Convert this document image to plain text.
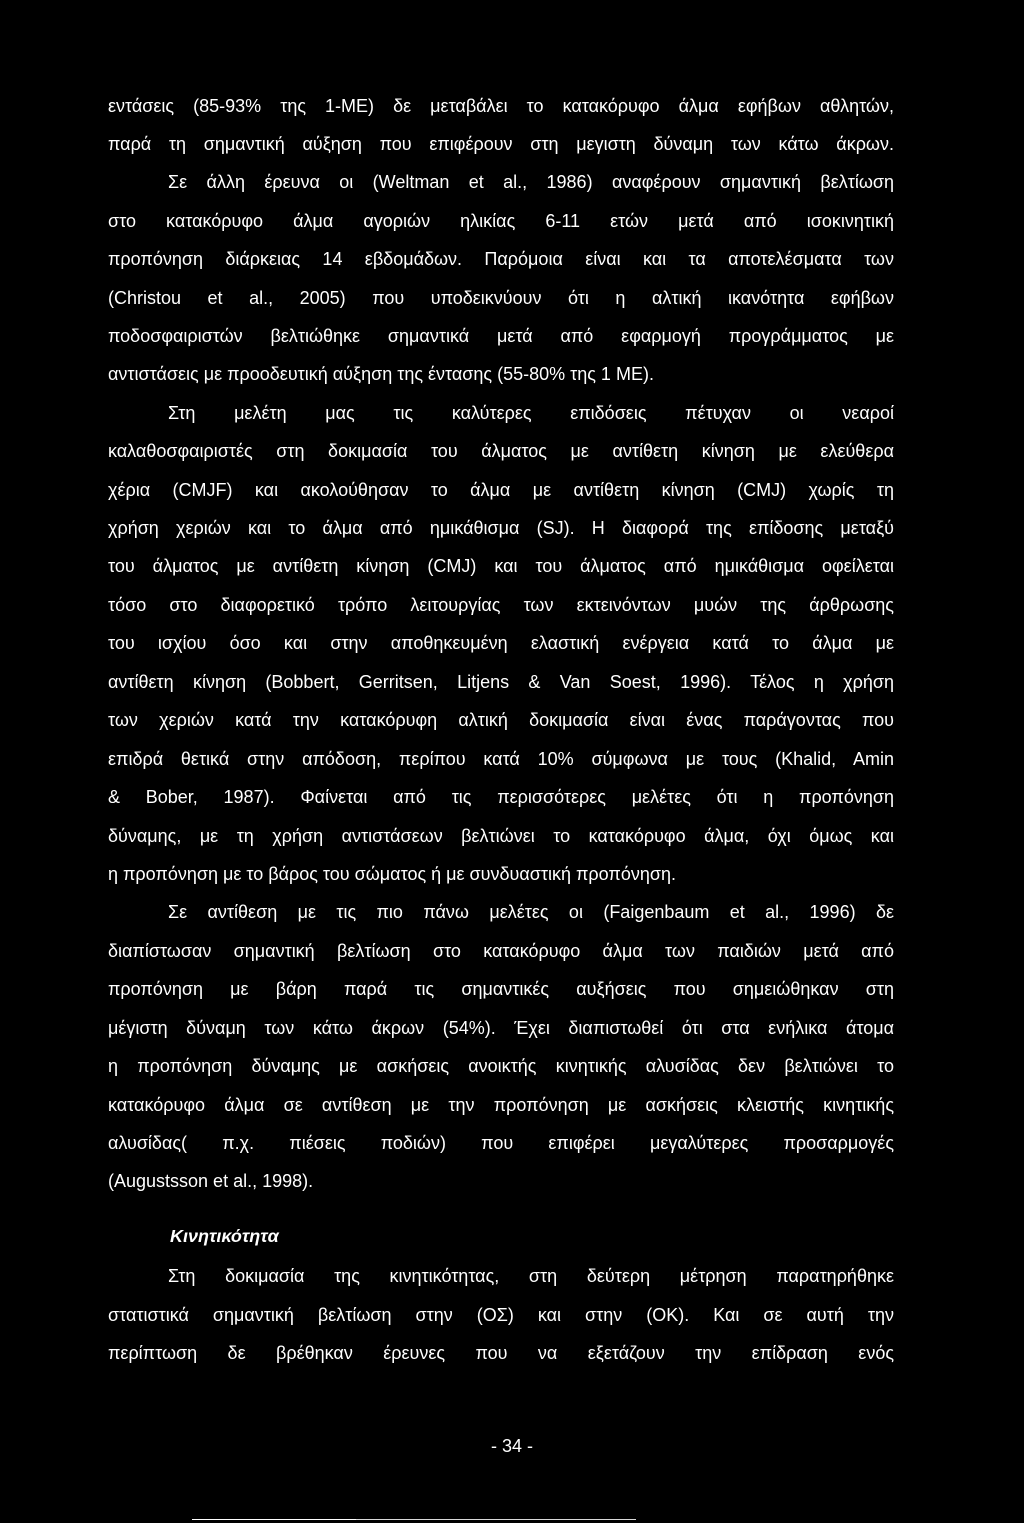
εντάσεις (85-93% της 1-ΜΕ) δε μεταβάλει το κατακόρυφο άλμα εφήβων αθλητών,
παρά τη σημαντική αύξηση που επιφέρουν στη μεγιστη δύναμη των κάτω άκρων.
Σε άλλη έρευνα οι (Weltman et al., 1986) αναφέρουν σημαντική βελτίωση
στο κατακόρυφο άλμα αγοριών ηλικίας 6-11 ετών μετά από ισοκινητική
προπόνηση διάρκειας 14 εβδομάδων. Παρόμοια είναι και τα αποτελέσματα των
(Christou et al., 2005) που υποδεικνύουν ότι η αλτική ικανότητα εφήβων
ποδοσφαιριστών βελτιώθηκε σημαντικά μετά από εφαρμογή προγράμματος με
αντιστάσεις με προοδευτική αύξηση της έντασης (55-80% της 1 ΜΕ).
Στη μελέτη μας τις καλύτερες επιδόσεις πέτυχαν οι νεαροί
καλαθοσφαιριστές στη δοκιμασία του άλματος με αντίθετη κίνηση με ελεύθερα
χέρια (CMJF) και ακολούθησαν το άλμα με αντίθετη κίνηση (CMJ) χωρίς τη
χρήση χεριών και το άλμα από ημικάθισμα (SJ). Η διαφορά της επίδοσης μεταξύ
του άλματος με αντίθετη κίνηση (CMJ) και του άλματος από ημικάθισμα οφείλεται
τόσο στο διαφορετικό τρόπο λειτουργίας των εκτεινόντων μυών της άρθρωσης
του ισχίου όσο και στην αποθηκευμένη ελαστική ενέργεια κατά το άλμα με
αντίθετη κίνηση (Bobbert, Gerritsen, Litjens & Van Soest, 1996). Τέλος η χρήση
των χεριών κατά την κατακόρυφη αλτική δοκιμασία είναι ένας παράγοντας που
επιδρά θετικά στην απόδοση, περίπου κατά 10% σύμφωνα με τους (Khalid, Amin
& Bober, 1987). Φαίνεται από τις περισσότερες μελέτες ότι η προπόνηση
δύναμης, με τη χρήση αντιστάσεων βελτιώνει το κατακόρυφο άλμα, όχι όμως και
η προπόνηση με το βάρος του σώματος ή με συνδυαστική προπόνηση.
Σε αντίθεση με τις πιο πάνω μελέτες οι (Faigenbaum et al., 1996) δε
διαπίστωσαν σημαντική βελτίωση στο κατακόρυφο άλμα των παιδιών μετά από
προπόνηση με βάρη παρά τις σημαντικές αυξήσεις που σημειώθηκαν στη
μέγιστη δύναμη των κάτω άκρων (54%). Έχει διαπιστωθεί ότι στα ενήλικα άτομα
η προπόνηση δύναμης με ασκήσεις ανοικτής κινητικής αλυσίδας δεν βελτιώνει το
κατακόρυφο άλμα σε αντίθεση με την προπόνηση με ασκήσεις κλειστής κινητικής
αλυσίδας( π.χ. πιέσεις ποδιών) που επιφέρει μεγαλύτερες προσαρμογές
(Augustsson et al., 1998).
Κινητικότητα
Στη δοκιμασία της κινητικότητας, στη δεύτερη μέτρηση παρατηρήθηκε
στατιστικά σημαντική βελτίωση στην (ΟΣ) και στην (ΟΚ). Και σε αυτή την
περίπτωση δε βρέθηκαν έρευνες που να εξετάζουν την επίδραση ενός
- 34 -
